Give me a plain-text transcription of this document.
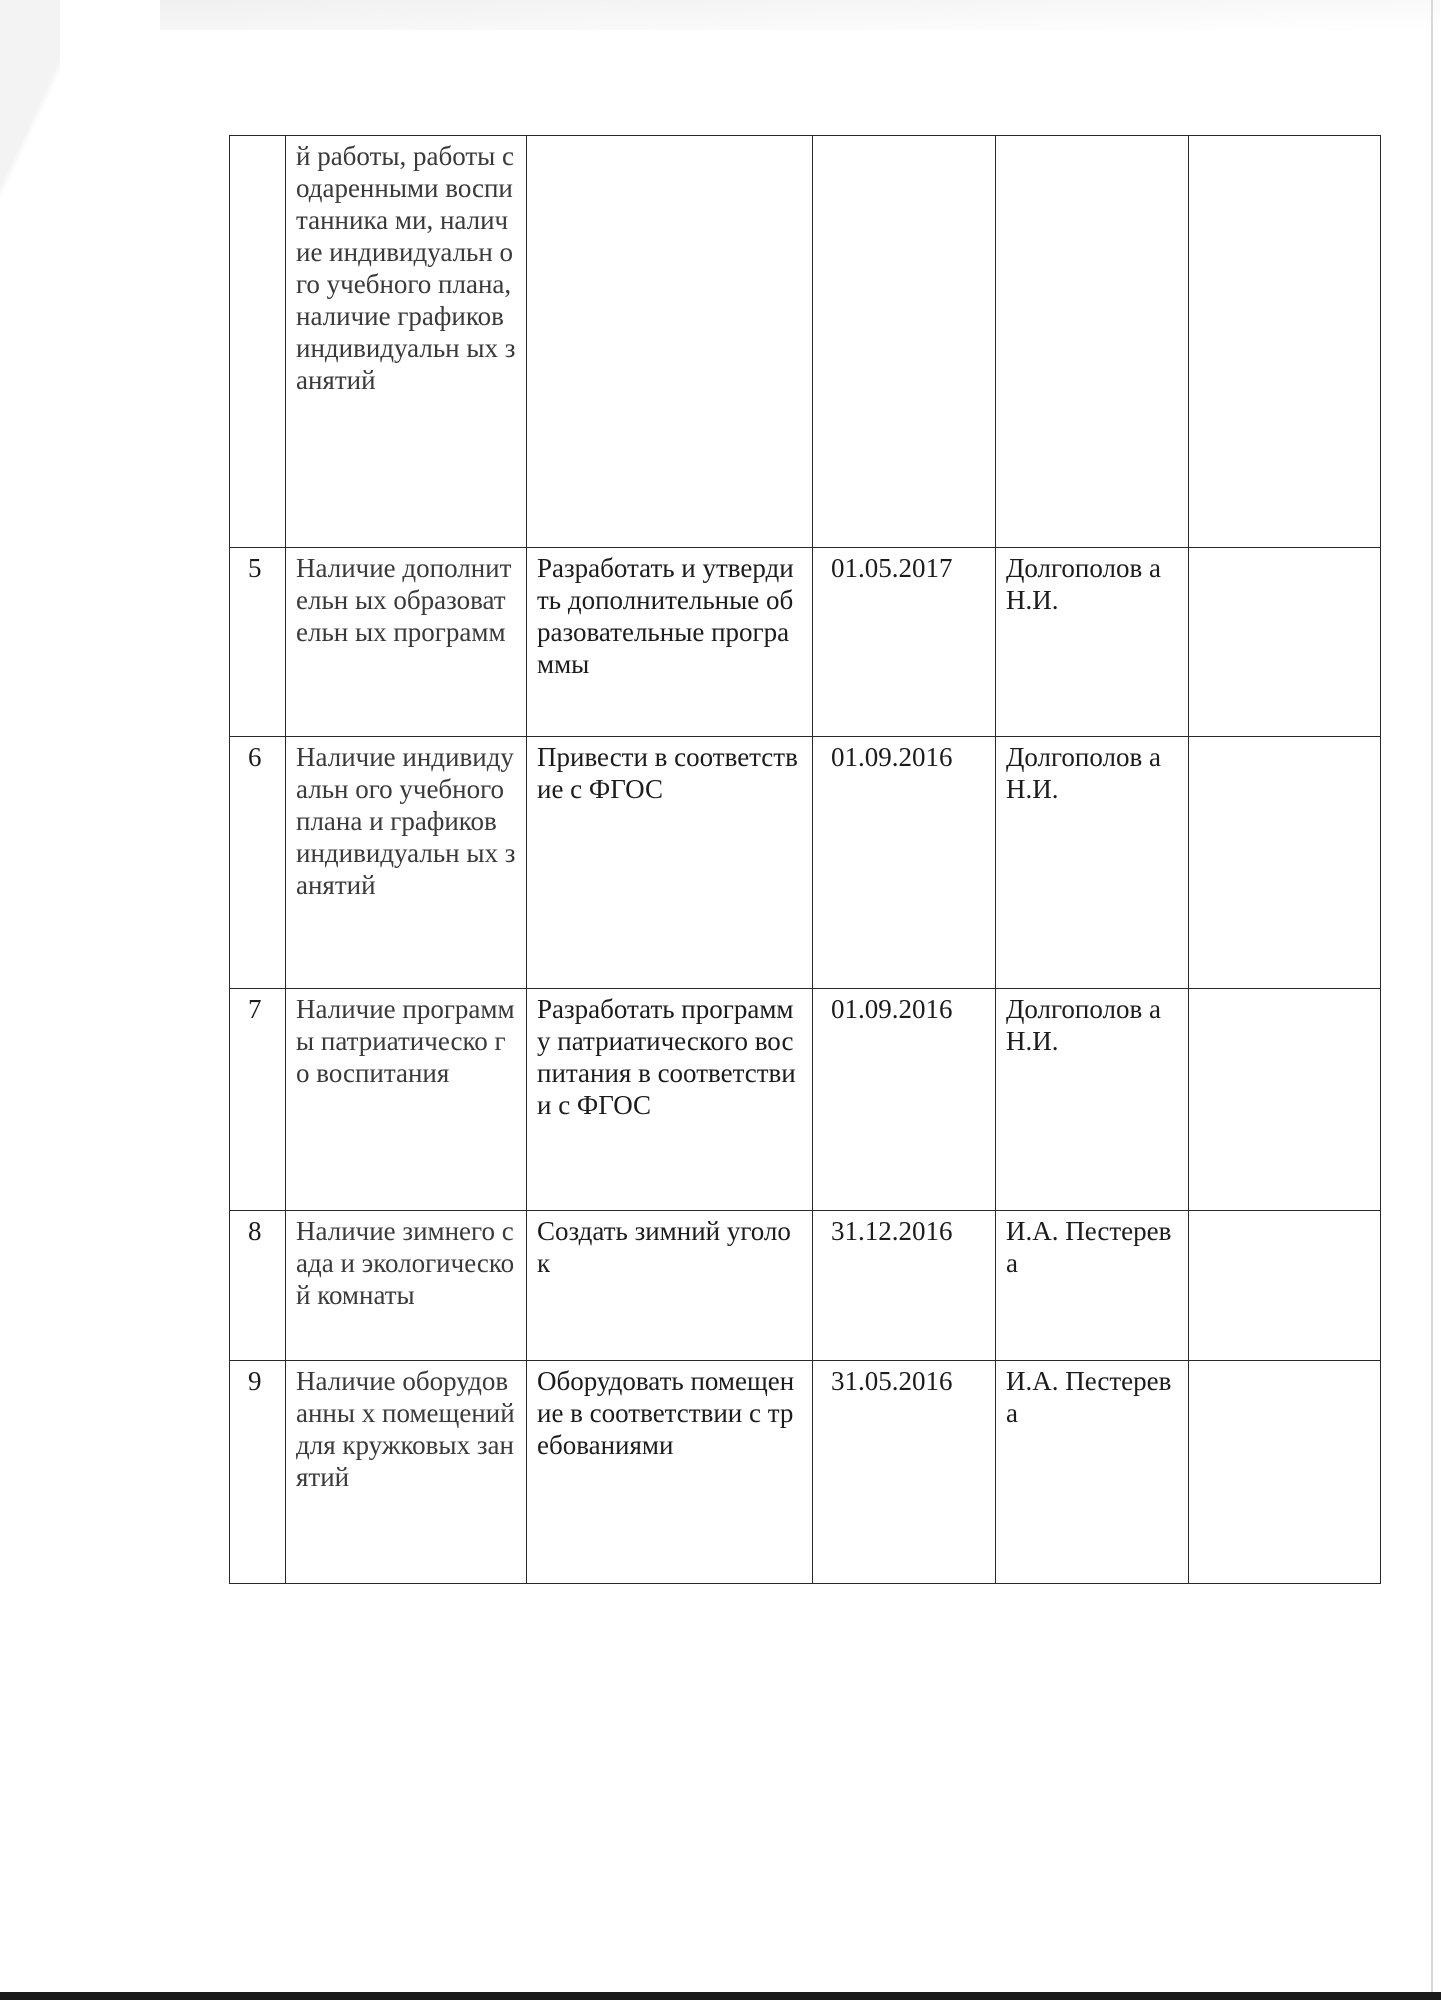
	й работы, работы с одаренными воспитанника ми, наличие индивидуальн ого учебного плана, наличие графиков индивидуальн ых занятий				
5	Наличие дополнительн ых образовательн ых программ	Разработать и утвердить дополнительные образовательные программы	01.05.2017	Долгополов а Н.И.	
6	Наличие индивидуальн ого учебного плана и графиков индивидуальн ых занятий	Привести в соответствие с ФГОС	01.09.2016	Долгополов а Н.И.	
7	Наличие программы патриатическо го воспитания	Разработать программу патриатического воспитания в соответствии с ФГОС	01.09.2016	Долгополов а Н.И.	
8	Наличие зимнего сада и экологической комнаты	Создать зимний уголок	31.12.2016	И.А. Пестерева	
9	Наличие оборудованны х помещений для кружковых занятий	Оборудовать помещение в соответствии с требованиями	31.05.2016	И.А. Пестерева	
